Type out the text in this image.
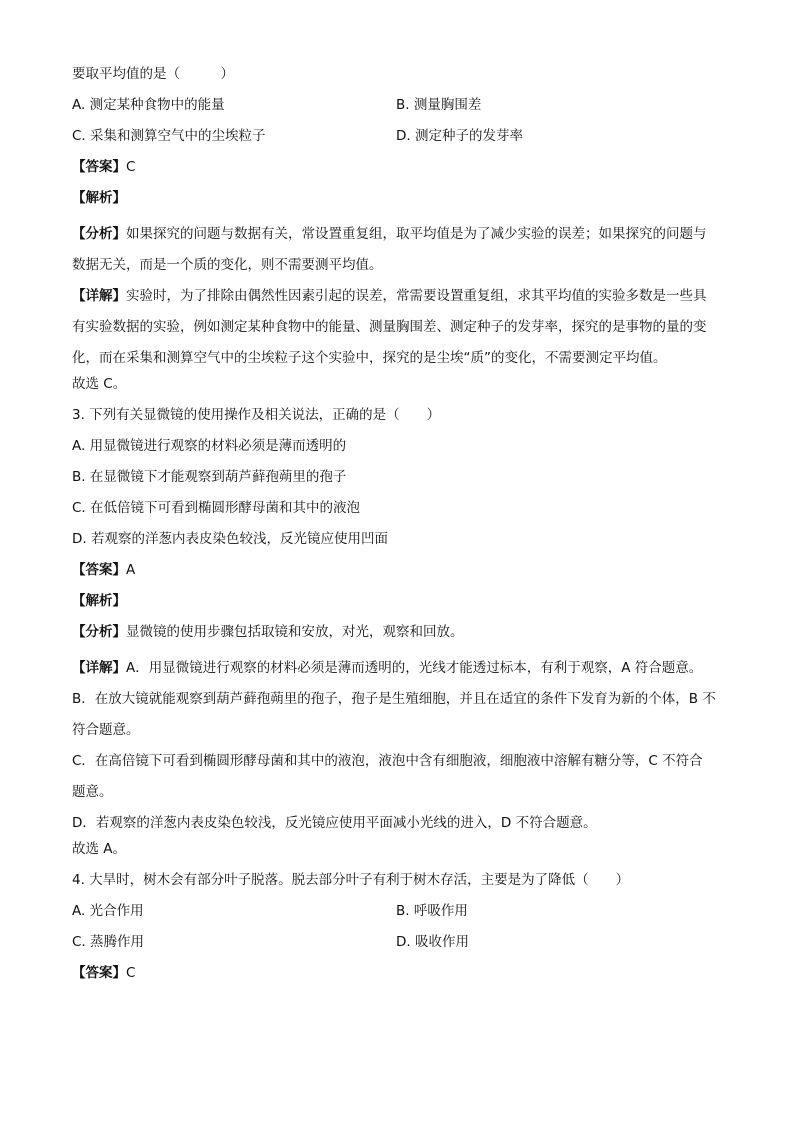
要取平均值的是（　　　）
A. 测定某种食物中的能量	B. 测量胸围差
C. 采集和测算空气中的尘埃粒子	D. 测定种子的发芽率
【答案】C
【解析】
【分析】如果探究的问题与数据有关，常设置重复组，取平均值是为了减少实验的误差；如果探究的问题与数据无关，而是一个质的变化，则不需要测平均值。
【详解】实验时，为了排除由偶然性因素引起的误差，常需要设置重复组，求其平均值的实验多数是一些具有实验数据的实验，例如测定某种食物中的能量、测量胸围差、测定种子的发芽率，探究的是事物的量的变化，而在采集和测算空气中的尘埃粒子这个实验中，探究的是尘埃“质”的变化，不需要测定平均值。
故选 C。
3. 下列有关显微镜的使用操作及相关说法，正确的是（　　）
A. 用显微镜进行观察的材料必须是薄而透明的
B. 在显微镜下才能观察到葫芦藓孢蒴里的孢子
C. 在低倍镜下可看到椭圆形酵母菌和其中的液泡
D. 若观察的洋葱内表皮染色较浅，反光镜应使用凹面
【答案】A
【解析】
【分析】显微镜的使用步骤包括取镜和安放，对光，观察和回放。
【详解】A．用显微镜进行观察的材料必须是薄而透明的，光线才能透过标本，有利于观察，A 符合题意。
B．在放大镜就能观察到葫芦藓孢蒴里的孢子，孢子是生殖细胞，并且在适宜的条件下发育为新的个体，B 不符合题意。
C．在高倍镜下可看到椭圆形酵母菌和其中的液泡，液泡中含有细胞液，细胞液中溶解有糖分等，C 不符合题意。
D．若观察的洋葱内表皮染色较浅，反光镜应使用平面减小光线的进入，D 不符合题意。
故选 A。
4. 大旱时，树木会有部分叶子脱落。脱去部分叶子有利于树木存活，主要是为了降低（　　）
A. 光合作用	B. 呼吸作用
C. 蒸腾作用	D. 吸收作用
【答案】C
